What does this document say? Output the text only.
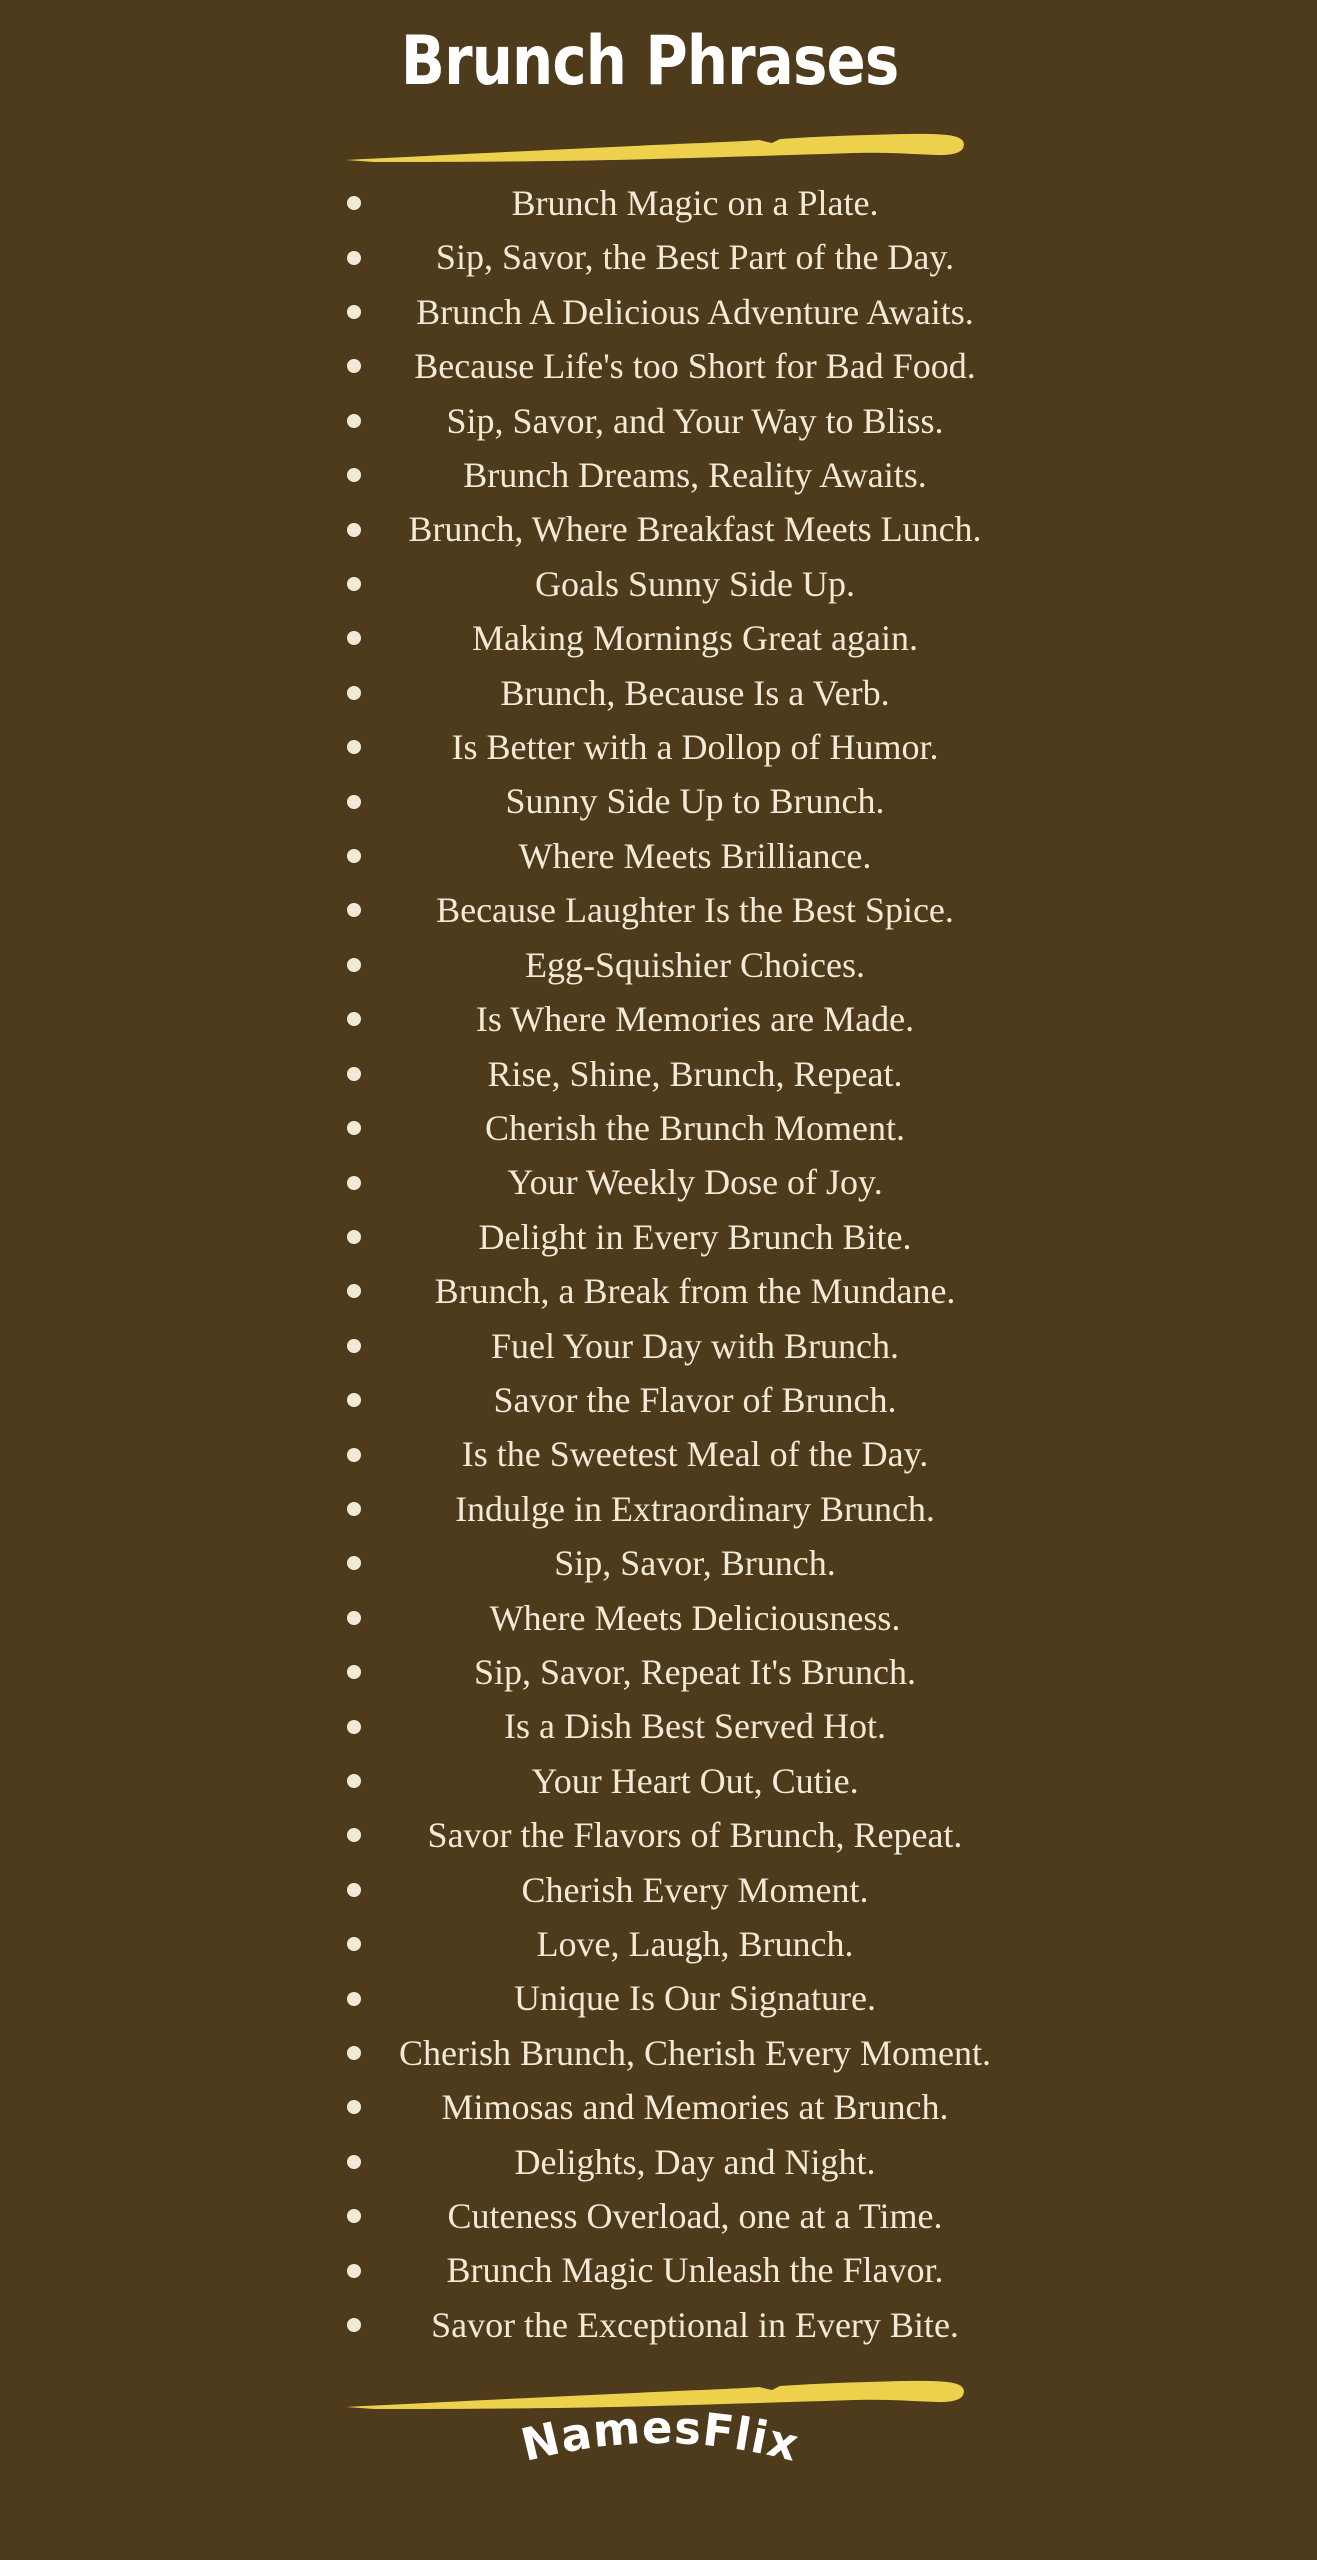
Brunch Phrases
Brunch Magic on a Plate.
Sip, Savor, the Best Part of the Day.
Brunch A Delicious Adventure Awaits.
Because Life's too Short for Bad Food.
Sip, Savor, and Your Way to Bliss.
Brunch Dreams, Reality Awaits.
Brunch, Where Breakfast Meets Lunch.
Goals Sunny Side Up.
Making Mornings Great again.
Brunch, Because Is a Verb.
Is Better with a Dollop of Humor.
Sunny Side Up to Brunch.
Where Meets Brilliance.
Because Laughter Is the Best Spice.
Egg-Squishier Choices.
Is Where Memories are Made.
Rise, Shine, Brunch, Repeat.
Cherish the Brunch Moment.
Your Weekly Dose of Joy.
Delight in Every Brunch Bite.
Brunch, a Break from the Mundane.
Fuel Your Day with Brunch.
Savor the Flavor of Brunch.
Is the Sweetest Meal of the Day.
Indulge in Extraordinary Brunch.
Sip, Savor, Brunch.
Where Meets Deliciousness.
Sip, Savor, Repeat It's Brunch.
Is a Dish Best Served Hot.
Your Heart Out, Cutie.
Savor the Flavors of Brunch, Repeat.
Cherish Every Moment.
Love, Laugh, Brunch.
Unique Is Our Signature.
Cherish Brunch, Cherish Every Moment.
Mimosas and Memories at Brunch.
Delights, Day and Night.
Cuteness Overload, one at a Time.
Brunch Magic Unleash the Flavor.
Savor the Exceptional in Every Bite.
NamesFlix
